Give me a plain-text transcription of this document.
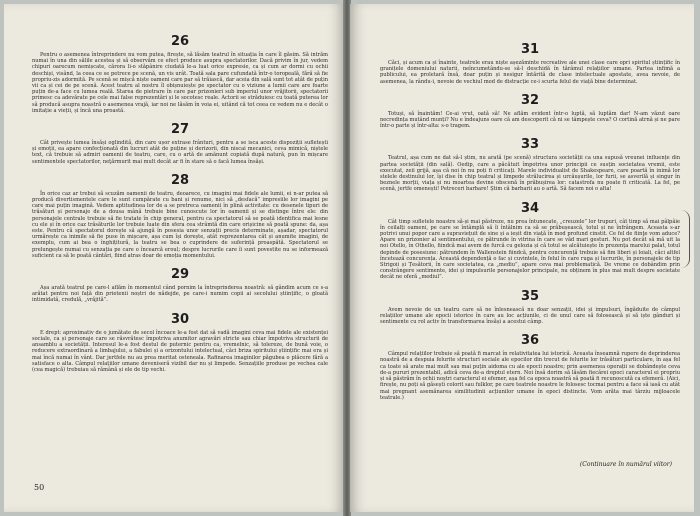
26
Pentru o asemenea întreprindere nu vom putea, firește, să lăsăm teatrul în situația în care îl găsim. Să intrăm numai în una din sălile acestea și să observăm ce efect produce asupra spectatorilor. Dacă privim în jur, vedem chipuri oarecum nemișcate, cărora li-o stăpânire ciudată le-a luat orice expresie, ca și cum ar dormi cu ochii deschiși, visând, la ceea ce se petrece pe scenă, un vis urât. Toată sala pare cufundată într-o toropeală, fără să fie propriu-zis adormită. Pe scenă se mișcă niște oameni care par să trăiască, dar aceia din sală sunt tot atât de puțin vii ca și cei de pe scenă. Acest teatru al nostru îl obișnuiește pe spectator cu o viziune a lumii care are foarte puțin de-a face cu lumea reală. Starea de pietrare în care par prizonieri sub imperiul unor vrăjitorii, spectatorii primesc ca adevărate pe cele mai false reprezentări și le socotesc reale. Actorii se străduiesc cu toată puterea lor să producă asupra noastră o asemenea vrajă, iar noi ne lăsăm în voia ei, uitând că tot ceea ce vedem nu e decât o imitație a vieții, și încă una proastă.
27
Cât privește lumea însăși oglindită, din care ușor extrase frânturi, pentru a se isca aceste dispoziții sufletești și emoții, ea apare confecționată din lucruri atât de puține și derizorii, din niscai mecanici, ceva mimică, niștele text, că trebuie să admiri oamenii de teatru, care, cu o artă de amănunt copiată după natură, pun în mișcare sentimentele spectatorilor, neţărmurit mai mult decât ar fi în stare să o facă lumea însăși.
28
În orice caz ar trebui să scuzăm oamenii de teatru, deoarece, cu imagini mai fidele ale lumii, ei n-ar putea să producă divertismentele care le sunt cumpărate cu bani și renume, nici să „desfacă” impresiile lor imagini pe care mai puțin imagină. Vedem aptitudinea lor de a se pretreca oamenii în plină activitate: cu desenele tipuri de trăsături și personaje de a dousa mână trebuie bine cunoscute lor în oamenii și se distinge între ele: din personajele centrale trebuie să fie tratate în chip general, pentru ca spectatorul să se poată identifica mai lesne cu ele și în orice caz trăsăturile lor trebuie luate din sfera cea strâmtă din care orișicine să poată spune: da, așa este. Pentru că spectatorul dorește să ajungă în posesia unor senzații precis determinate, așadar, spectatorul urmărește ca inimile să fie puse în mișcare, așa cum își dorește, atât reprezentarea cât și anumite imagini, de exemplu, cum ai bea o înghițitură, la teatru se bea o cuprindere de suferință proaspătă. Spectatorul se prelungește numai cu senzația pe care o încearcă eroul; despre lucrurile care îi sunt povestite nu se informează suficient ca să le poată cântări, fiind atras doar de emoția momentului.
29
Așa arată teatrul pe care-l aflăm în momentul când pornim la întreprinderea noastră: să gândim acum ce s-a arătat pentru noi față din prietenii noștri de nădejde, pe care-i numim copii ai secolului științific, o gloată intimidată, credulă, „vrăjită”.
30
E drept: aproximativ de o jumătate de secol încoace le-a fost dat să vadă imagini ceva mai fidele ale existenței sociale, ca și personaje care se răsvrătesc împotriva anumitor agravări stricte sau chiar împotriva structurii de ansamblu a societății. Interesul le-a fost destul de puternic pentru ca, vremelnic, să tolereze, de bună voie, o reducere extraordinară a limbajului, a fabulei și a orizontului intelectual, căci briza spiritului științific mai era și mai încă numai în vânt. Dar jertfele nu au prea meritat osteneala. Rafinarea imaginilor păgubea o plăcere fără a satisface o alta. Câmpul relațiilor umane deveniseră vizibil dar nu și limpede. Senzațiile produse pe vechea cale (cea magică) trebuiau să rămână și ele de tip vechi.
50
31
Căci, și acum ca și înainte, teatrele erau niște așezăminte recreative ale unei clase care opri spiritul științific în granițele domeniului naturii, neîncumetându-se să-l deschidă în tărâmul relațiilor umane. Partea infimă a publicului, ea proletară însă, doar puțin și nesigur întărită de clase intelectuale apostate, avea nevoie, de asemenea, la rându-i, nevoie de vechiul mod de distracție ce-i scurta felul de viață bine determinat.
32
Totuși, să înaintăm! Ce-ai vrut, oată să! Ne aflăm evident într-o luptă, să luptăm dar! N-am văzut oare necredința mutând munți? Nu e îndeajuns oare că am descoperit că ni se tâmpește ceva? O cortină atrnă și ne pare într-o parte și într-alta: s-o tragem.
33
Teatrul, așa cum ne dat să-l știm, nu arată (pe scenă) structura societății ca una supusă vreunei influențe din partea societății (din sală). Oedip, care a păcătuit împotriva unor principii ce susțin societatea vremii, este executat, zeii grijă, așa că noi în nu poți fi criticați. Marele individualist de Shakespeare, care poartă în inimă lor stelele destinului lor, își dise în chip teatral și limpede strălucirea și urcăușurile, lor furii, se asverilă și singur în beznele morții, viața și nu moartea devine obscenă în prăbușirea lor: catastrofa nu poate fi criticată. La fel, pe scenă, jertfe omenești! Petreceri barbare! Știm că barbarii au o artă. Să facem noi o alta!
34
Cât timp sufletele noastre să-și mai păstreze, nu prea întunecate, „creuzele” lor trupuri, cât timp să mai pâlpâie în ceilalți oameni, pe care se întâmplă să îi întâlnim ca să se prăbușească, totul și ne înfrângem. Aceasta s-ar potrivi unui popor care a supraviețuit de sine și a ieșit din viață în mod profund cinstit. Ce fel de fiinţe vom aduce? Apare un prizonier al sentimentului, ce pătrunde în vitrina în care se văd mari gesturi. Nu pot decât să mă uit la noi Otello, în Othello, fiindcă mai avem de furcă cu gelozia și că totul se alcătuiește în prezența marelui palat, totul depinde de posesiune: pătrundem în Wallenstein fiindcă, pentru concurență trebuie să fim liberi și loiali, căci altfel încetează concurența. Această dependență o fac și cuvintele, în felul în care ruga și lucrurile, în personajele de tip Strigoii și Țesătorii, în care societatea, ca „mediu”, apare ceva mai problematică. De vreme ce dobândim prin constrângere sentimente, idei și impulsurile personajelor principale, nu obținem în plus mai mult despre societate decât ne oferă „mediul”.
35
Avem nevoie de un teatru care să ne înlesnească nu doar senzații, idei și impulsuri, îngăduite de câmpul relațiilor umane ale epocii istorice în care au loc acțiunile, ci de unul care să folosească și să iște gânduri și sentimente cu rol activ în transformarea însăși a acestui câmp.
36
Câmpul relațiilor trebuie să poată fi marcat în relativitatea lui istorică. Aceasta înseamnă rupere de deprinderea noastră de a despuia felurite structuri sociale ale epocilor din trecut de felurite lor trăsături particulare, în așa fel ca toate să arate mai mult sau mai puțin aidoma cu ale epocii noastre; prin asemenea operații se dobândește ceva de-a pururi prezentabil, adică ceva de-a dreptul etern. Noi însă dorim să lăsăm fiecărei epoci caracterul ei propriu și să păstrăm în ochii noștri caracterul ei efemer, așa fel ca epoca noastră să poată fi recunoscută ca efemeră. (Aici, firește, nu poți să găsești colorit sau fulklor, pe care teatrele noastre le folosesc tocmai pentru a face să iasă cu atât mai pregnant asemănarea similitudinii acțiunilor umane în epoci distincte. Vom arăta mai târziu mijloacele teatrale.)
(Continuare în numărul viitor)
